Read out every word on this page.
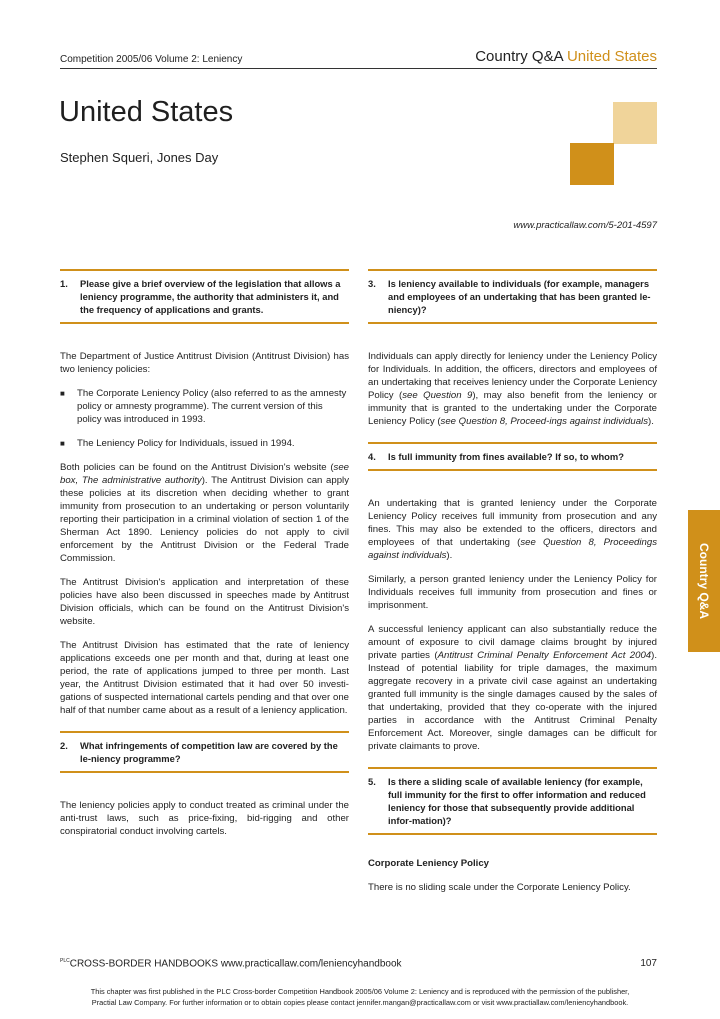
Competition 2005/06 Volume 2: Leniency	Country Q&A United States
United States
Stephen Squeri, Jones Day
www.practicallaw.com/5-201-4597
1.	Please give a brief overview of the legislation that allows a leniency programme, the authority that administers it, and the frequency of applications and grants.

The Department of Justice Antitrust Division (Antitrust Division) has two leniency policies:

■	The Corporate Leniency Policy (also referred to as the amnesty policy or amnesty programme). The current version of this policy was introduced in 1993.
■	The Leniency Policy for Individuals, issued in 1994.

Both policies can be found on the Antitrust Division's website (see box, The administrative authority). The Antitrust Division can apply these policies at its discretion when deciding whether to grant immunity from prosecution to an undertaking or person voluntarily reporting their participation in a criminal violation of section 1 of the Sherman Act 1890. Leniency policies do not apply to civil enforcement by the Antitrust Division or the Federal Trade Commission.

The Antitrust Division's application and interpretation of these policies have also been discussed in speeches made by Antitrust Division officials, which can be found on the Antitrust Division's website.

The Antitrust Division has estimated that the rate of leniency applications exceeds one per month and that, during at least one period, the rate of applications jumped to three per month. Last year, the Antitrust Division estimated that it had over 50 investi-gations of suspected international cartels pending and that over one half of that number came about as a result of a leniency application.

2.	What infringements of competition law are covered by the le-niency programme?

The leniency policies apply to conduct treated as criminal under the anti-trust laws, such as price-fixing, bid-rigging and other conspiratorial conduct involving cartels.

3.	Is leniency available to individuals (for example, managers and employees of an undertaking that has been granted le-niency)?

Individuals can apply directly for leniency under the Leniency Policy for Individuals. In addition, the officers, directors and employees of an undertaking that receives leniency under the Corporate Leniency Policy (see Question 9), may also benefit from the leniency or immunity that is granted to the undertaking under the Corporate Leniency Policy (see Question 8, Proceed-ings against individuals).

4.	Is full immunity from fines available? If so, to whom?

An undertaking that is granted leniency under the Corporate Leniency Policy receives full immunity from prosecution and any fines. This may also be extended to the officers, directors and employees of that undertaking (see Question 8, Proceedings against individuals).

Similarly, a person granted leniency under the Leniency Policy for Individuals receives full immunity from prosecution and fines or imprisonment.

A successful leniency applicant can also substantially reduce the amount of exposure to civil damage claims brought by injured private parties (Antitrust Criminal Penalty Enforcement Act 2004). Instead of potential liability for triple damages, the maximum aggregate recovery in a private civil case against an undertaking granted full immunity is the single damages caused by the sales of that undertaking, provided that they co-operate with the injured parties in accordance with the Antitrust Criminal Penalty Enforcement Act. Moreover, single damages can be difficult for private claimants to prove.

5.	Is there a sliding scale of available leniency (for example, full immunity for the first to offer information and reduced leniency for those that subsequently provide additional infor-mation)?

Corporate Leniency Policy

There is no sliding scale under the Corporate Leniency Policy.

Country Q&A
$^{PLC}$CROSS-BORDER HANDBOOKS www.practicallaw.com/leniencyhandbook	107
This chapter was first published in the PLC Cross-border Competition Handbook 2005/06 Volume 2: Leniency and is reproduced with the permission of the publisher,
Practial Law Company. For further information or to obtain copies please contact jennifer.mangan@practicallaw.com or visit www.practiallaw.com/leniencyhandbook.
